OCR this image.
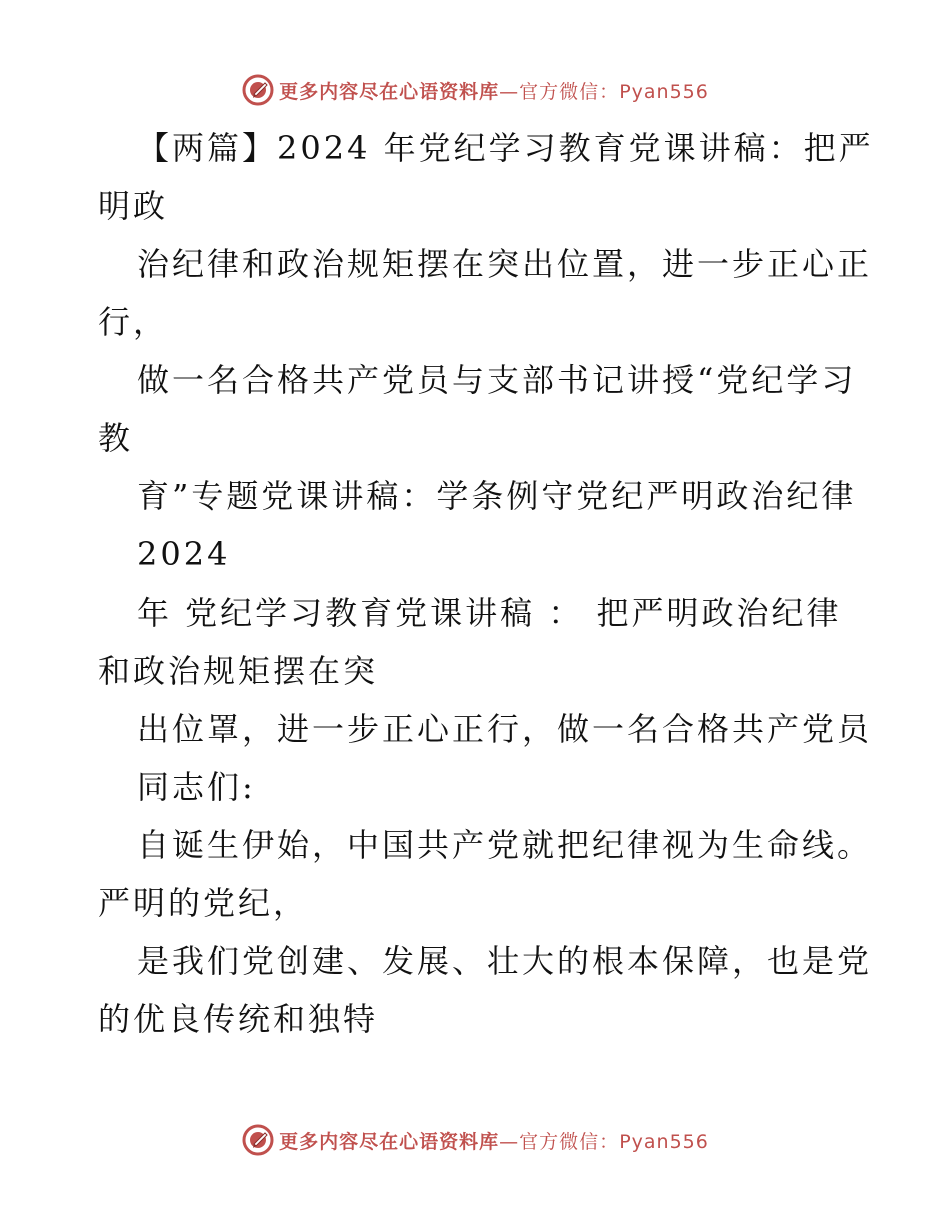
更多内容尽在心语资料库—官方微信：Pyan556
【两篇】2024 年党纪学习教育党课讲稿：把严
明政
治纪律和政治规矩摆在突出位置，进一步正心正
行，
做一名合格共产党员与支部书记讲授“党纪学习
教
育”专题党课讲稿：学条例守党纪严明政治纪律
2024
年 党纪学习教育党课讲稿 ： 把严明政治纪律
和政治规矩摆在突
出位罩，进一步正心正行，做一名合格共产党员
同志们:
自诞生伊始，中国共产党就把纪律视为生命线。
严明的党纪，
是我们党创建、发展、壮大的根本保障，也是党
的优良传统和独特
更多内容尽在心语资料库—官方微信：Pyan556
